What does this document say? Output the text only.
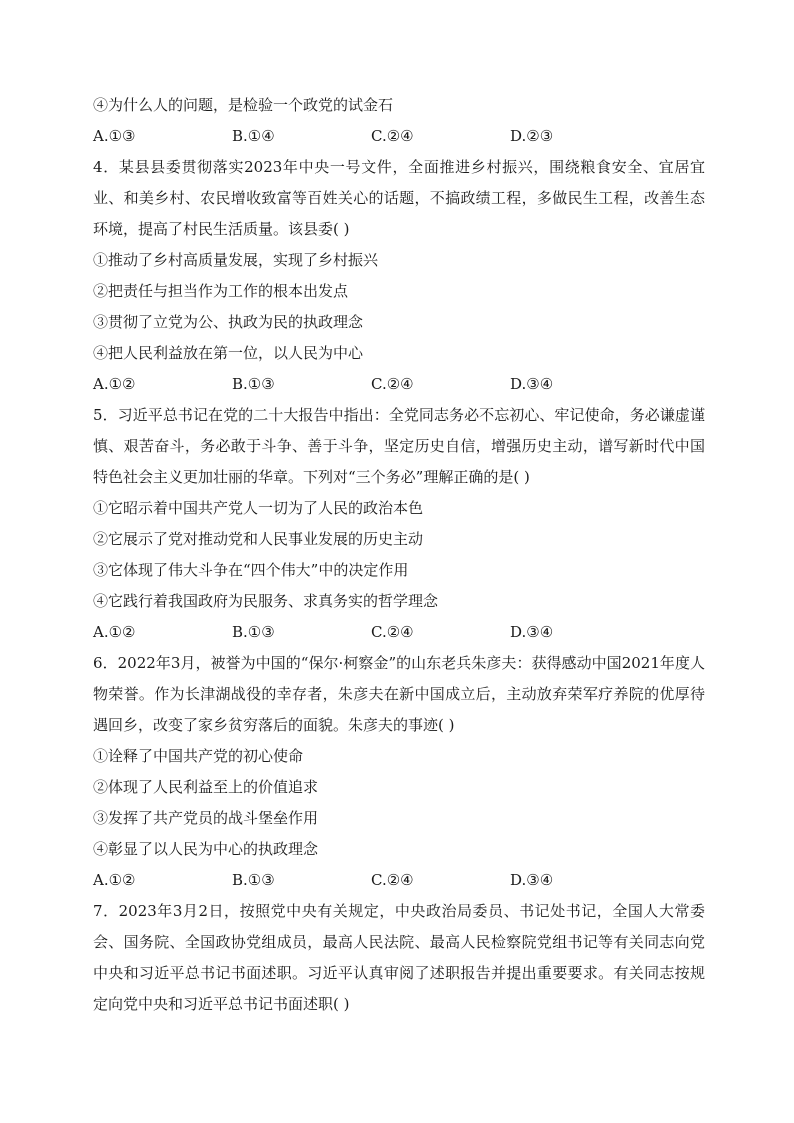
④为什么人的问题，是检验一个政党的试金石
A.①③	B.①④	C.②④	D.②③
4．某县县委贯彻落实2023年中央一号文件，全面推进乡村振兴，围绕粮食安全、宜居宜业、和美乡村、农民增收致富等百姓关心的话题，不搞政绩工程，多做民生工程，改善生态环境，提高了村民生活质量。该县委( )
①推动了乡村高质量发展，实现了乡村振兴
②把责任与担当作为工作的根本出发点
③贯彻了立党为公、执政为民的执政理念
④把人民利益放在第一位，以人民为中心
A.①②	B.①③	C.②④	D.③④
5．习近平总书记在党的二十大报告中指出：全党同志务必不忘初心、牢记使命，务必谦虚谨慎、艰苦奋斗，务必敢于斗争、善于斗争，坚定历史自信，增强历史主动，谱写新时代中国特色社会主义更加壮丽的华章。下列对“三个务必”理解正确的是( )
①它昭示着中国共产党人一切为了人民的政治本色
②它展示了党对推动党和人民事业发展的历史主动
③它体现了伟大斗争在“四个伟大”中的决定作用
④它践行着我国政府为民服务、求真务实的哲学理念
A.①②	B.①③	C.②④	D.③④
6．2022年3月，被誉为中国的“保尔·柯察金”的山东老兵朱彦夫：获得感动中国2021年度人物荣誉。作为长津湖战役的幸存者，朱彦夫在新中国成立后，主动放弃荣军疗养院的优厚待遇回乡，改变了家乡贫穷落后的面貌。朱彦夫的事迹( )
①诠释了中国共产党的初心使命
②体现了人民利益至上的价值追求
③发挥了共产党员的战斗堡垒作用
④彰显了以人民为中心的执政理念
A.①②	B.①③	C.②④	D.③④
7．2023年3月2日，按照党中央有关规定，中央政治局委员、书记处书记，全国人大常委会、国务院、全国政协党组成员，最高人民法院、最高人民检察院党组书记等有关同志向党中央和习近平总书记书面述职。习近平认真审阅了述职报告并提出重要要求。有关同志按规定向党中央和习近平总书记书面述职( )
